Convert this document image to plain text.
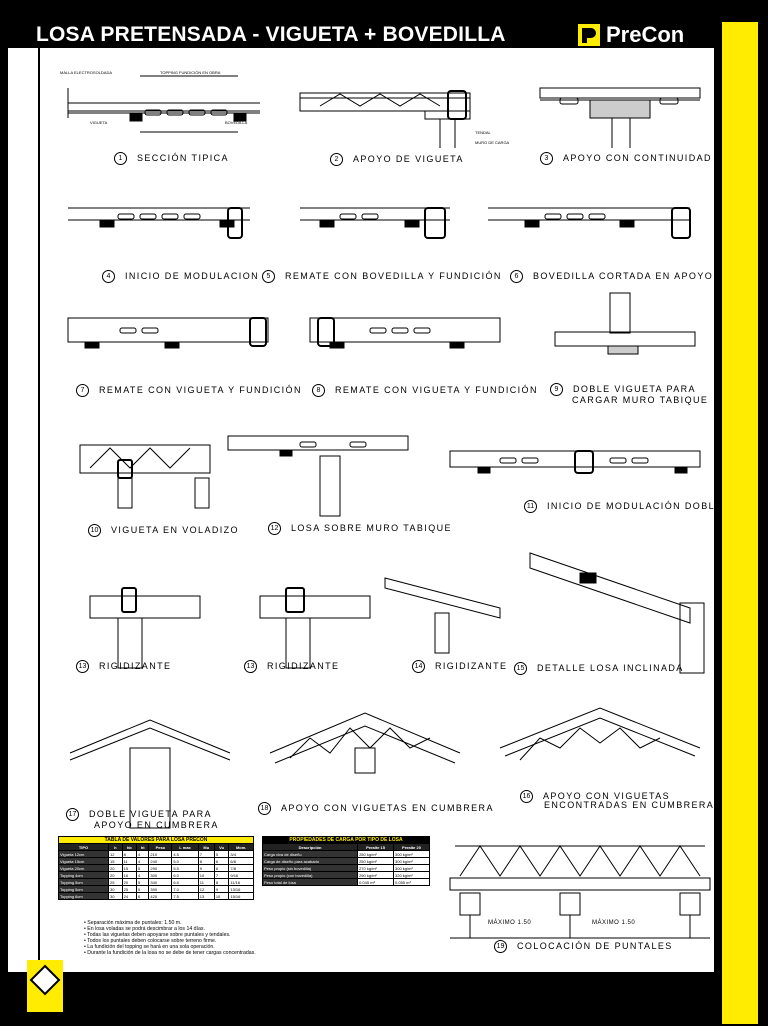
LOSA PRETENSADA - VIGUETA + BOVEDILLA	PreCon
1 SECCIÓN TIPICA	2 APOYO DE VIGUETA	3 APOYO CON CONTINUIDAD
4 INICIO DE MODULACION	5 REMATE CON BOVEDILLA Y FUNDICIÓN	6 BOVEDILLA CORTADA EN APOYO
7 REMATE CON VIGUETA Y FUNDICIÓN	8 REMATE CON VIGUETA Y FUNDICIÓN	9 DOBLE VIGUETA PARA
CARGAR MURO TABIQUE
10 VIGUETA EN VOLADIZO
11 INICIO DE MODULACIÓN DOBLE
12 LOSA SOBRE MURO TABIQUE
13 RIGIDIZANTE	13 RIGIDIZANTE	14 RIGIDIZANTE	15 DETALLE LOSA INCLINADA
17 DOBLE VIGUETA PARA
APOYO EN CUMBRERA
18 APOYO CON VIGUETAS EN CUMBRERA
16 APOYO CON VIGUETAS
ENCONTRADAS EN CUMBRERA
19 COLOCACIÓN DE PUNTALES
MÁXIMO 1.50	MÁXIMO 1.50
MALLA ELECTROSOLDADA	TOPPING FUNDICIÓN EN OBRA
VIGUETA	BOVEDILLA
TENDAL
MURO DE CARGA
TABLA DE VALORES PARA LOSA PRECON								
TIPO	h	hb	ht	Peso	L max	Mu	Vu	Mom.
Vigueta 12cm	12	8	4	210	4.5	7	5	3/4
Vigueta 15cm	15	11	4	240	5.0	8	6	6/8
Vigueta 20cm	20	15	5	290	5.5	9	6	7/8
Topping 4cm	20	16	4	300	6.0	10	7	9/16
Topping 5cm	25	20	5	340	6.5	11	8	11/16
Topping 5cm	30	25	5	390	7.0	12	9	13/16
Topping 6cm	30	24	6	420	7.5	13	10	15/16
PROPIEDADES DE CARGA POR TIPO DE LOSA		
Descripción	Peralte 15	Peralte 20
Carga viva de diseño	250 kg/m²	300 kg/m²
Carga de diseño para acabado	250 kg/m²	300 kg/m²
Peso propio (sin bovedilla)	270 kg/m²	300 kg/m²
Peso propio (con bovedilla)	290 kg/m²	320 kg/m²
Peso total de losa	0.045 m³	0.055 m³
• Separación máxima de puntales: 1.50 m.
• En losa voladas se podrá descimbrar a los 14 días.
• Todas las viguetas deben apoyarse sobre puntales y tendales.
• Todos los puntales deben colocarse sobre terreno firme.
• La fundición del topping se hará en una sola operación.
• Durante la fundición de la losa no se debe de tener cargas concentradas.
